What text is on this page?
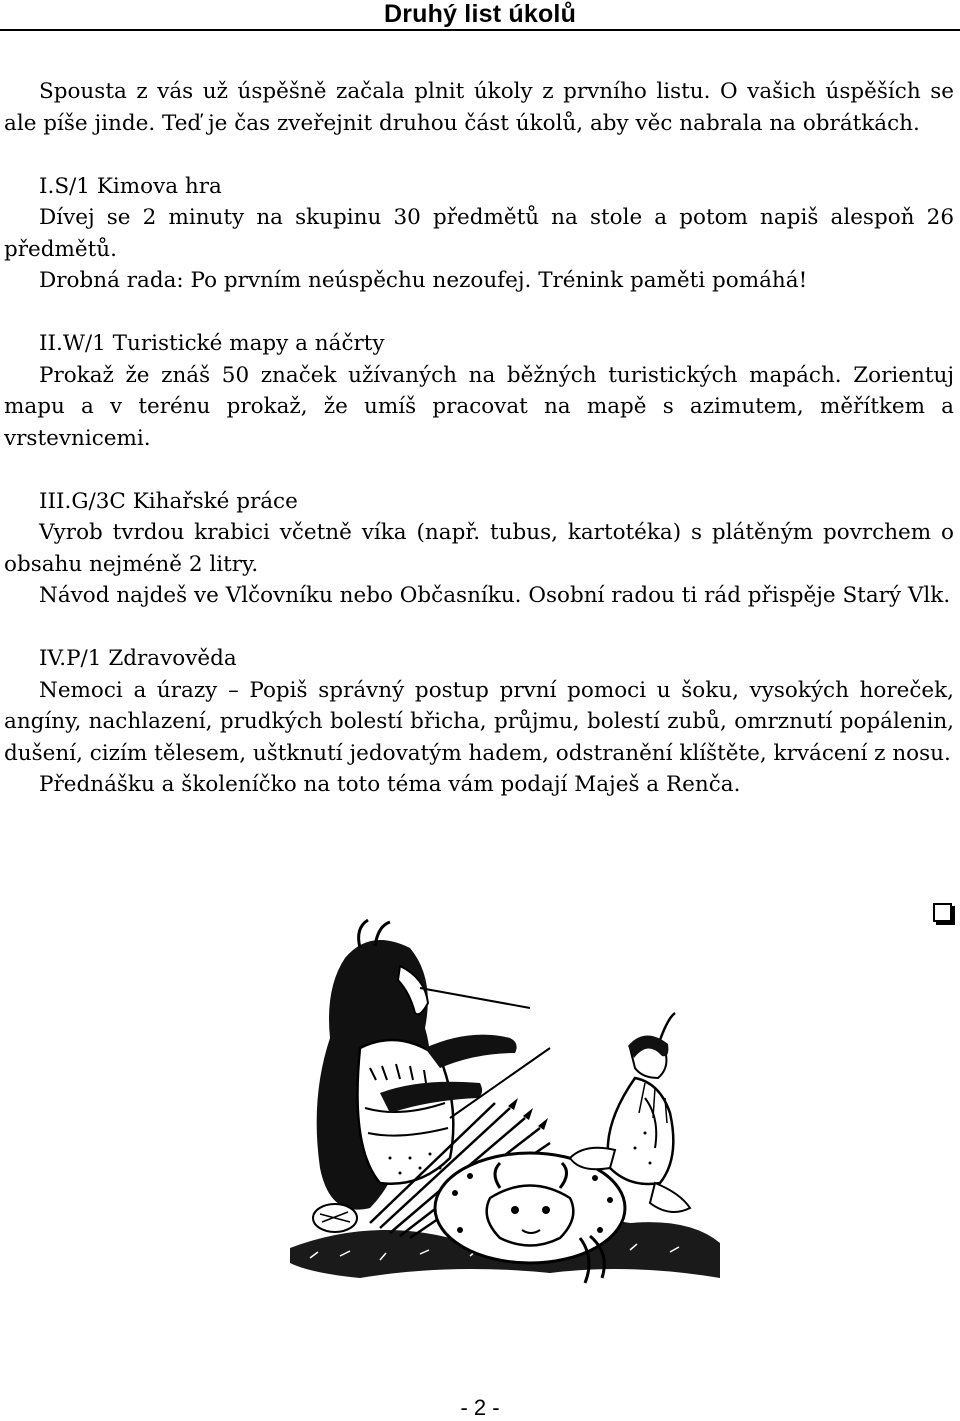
Druhý list úkolů

Spousta z vás už úspěšně začala plnit úkoly z prvního listu. O vašich úspěších se ale píše jinde. Teď je čas zveřejnit druhou část úkolů, aby věc nabrala na obrátkách.

I.S/1 Kimova hra

Dívej se 2 minuty na skupinu 30 předmětů na stole a potom napiš alespoň 26 předmětů.

Drobná rada: Po prvním neúspěchu nezoufej. Trénink paměti pomáhá!

II.W/1 Turistické mapy a náčrty

Prokaž že znáš 50 značek užívaných na běžných turistických mapách. Zorientuj mapu a v terénu prokaž, že umíš pracovat na mapě s azimutem, měřítkem a vrstevnicemi.

III.G/3C Kihařské práce

Vyrob tvrdou krabici včetně víka (např. tubus, kartotéka) s plátěným povrchem o obsahu nejméně 2 litry.

Návod najdeš ve Vlčovníku nebo Občasníku. Osobní radou ti rád přispěje Starý Vlk.

IV.P/1 Zdravověda

Nemoci a úrazy – Popiš správný postup první pomoci u šoku, vysokých horeček, angíny, nachlazení, prudkých bolestí břicha, průjmu, bolestí zubů, omrznutí popálenin, dušení, cizím tělesem, uštknutí jedovatým hadem, odstranění klíštěte, krvácení z nosu.

Přednášku a školeníčko na toto téma vám podají Maješ a Renča.

- 2 -
